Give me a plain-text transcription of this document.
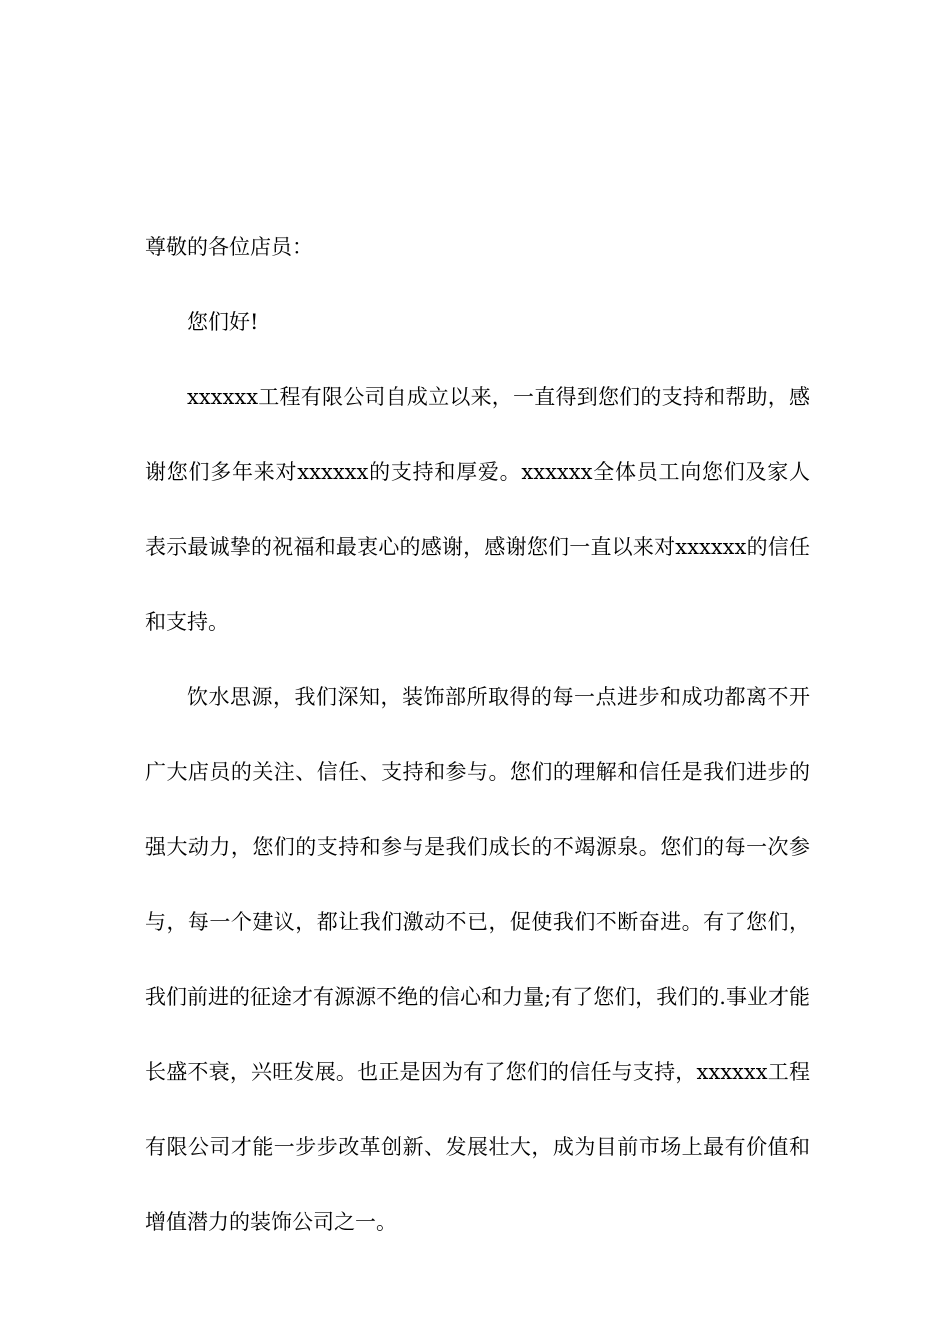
尊敬的各位店员：

您们好!

xxxxxx工程有限公司自成立以来，一直得到您们的支持和帮助，感谢您们多年来对xxxxxx的支持和厚爱。xxxxxx全体员工向您们及家人表示最诚挚的祝福和最衷心的感谢，感谢您们一直以来对xxxxxx的信任和支持。

饮水思源，我们深知，装饰部所取得的每一点进步和成功都离不开广大店员的关注、信任、支持和参与。您们的理解和信任是我们进步的强大动力，您们的支持和参与是我们成长的不竭源泉。您们的每一次参与，每一个建议，都让我们激动不已，促使我们不断奋进。有了您们，我们前进的征途才有源源不绝的信心和力量;有了您们，我们的.事业才能长盛不衰，兴旺发展。也正是因为有了您们的信任与支持，xxxxxx工程有限公司才能一步步改革创新、发展壮大，成为目前市场上最有价值和增值潜力的装饰公司之一。
